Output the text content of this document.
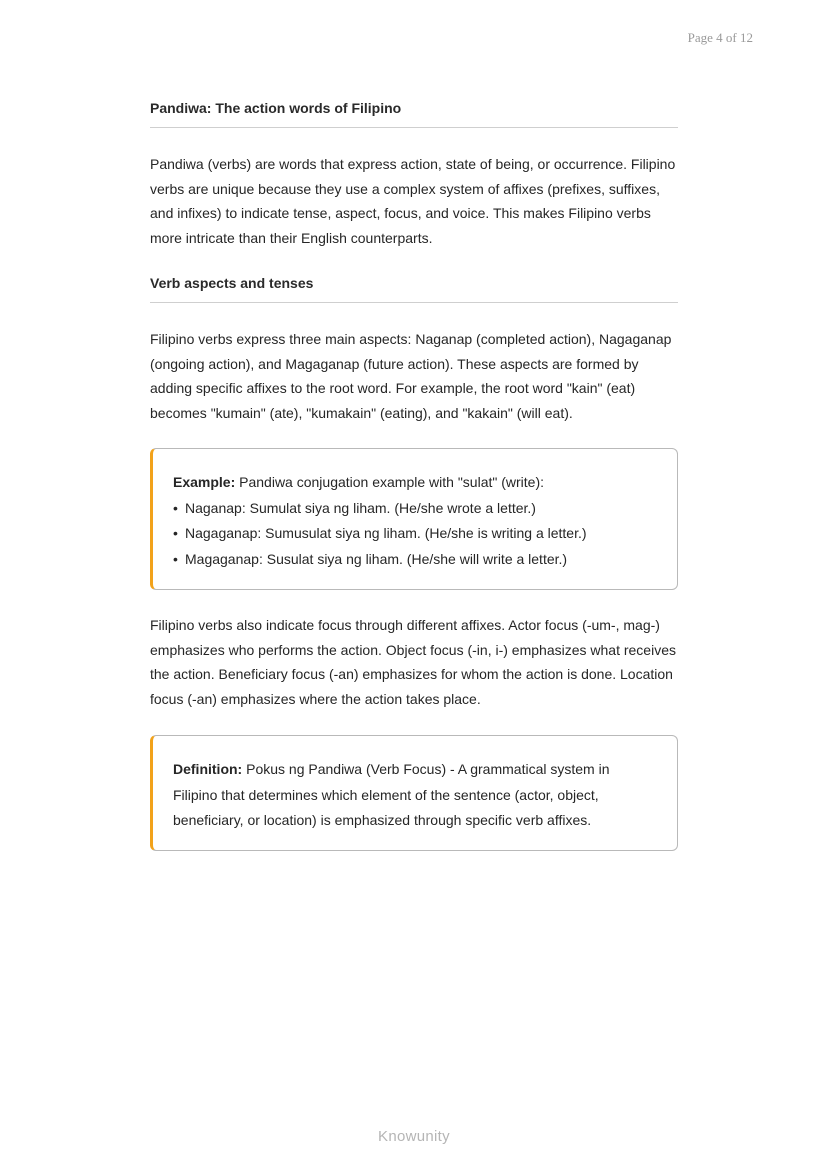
Page 4 of 12
Pandiwa: The action words of Filipino

Pandiwa (verbs) are words that express action, state of being, or occurrence. Filipino verbs are unique because they use a complex system of affixes (prefixes, suffixes, and infixes) to indicate tense, aspect, focus, and voice. This makes Filipino verbs more intricate than their English counterparts.

Verb aspects and tenses

Filipino verbs express three main aspects: Naganap (completed action), Nagaganap (ongoing action), and Magaganap (future action). These aspects are formed by adding specific affixes to the root word. For example, the root word "kain" (eat) becomes "kumain" (ate), "kumakain" (eating), and "kakain" (will eat).

Example: Pandiwa conjugation example with "sulat" (write):
• Naganap: Sumulat siya ng liham. (He/she wrote a letter.)
• Nagaganap: Sumusulat siya ng liham. (He/she is writing a letter.)
• Magaganap: Susulat siya ng liham. (He/she will write a letter.)

Filipino verbs also indicate focus through different affixes. Actor focus (-um-, mag-) emphasizes who performs the action. Object focus (-in, i-) emphasizes what receives the action. Beneficiary focus (-an) emphasizes for whom the action is done. Location focus (-an) emphasizes where the action takes place.

Definition: Pokus ng Pandiwa (Verb Focus) - A grammatical system in Filipino that determines which element of the sentence (actor, object, beneficiary, or location) is emphasized through specific verb affixes.
Knowunity
